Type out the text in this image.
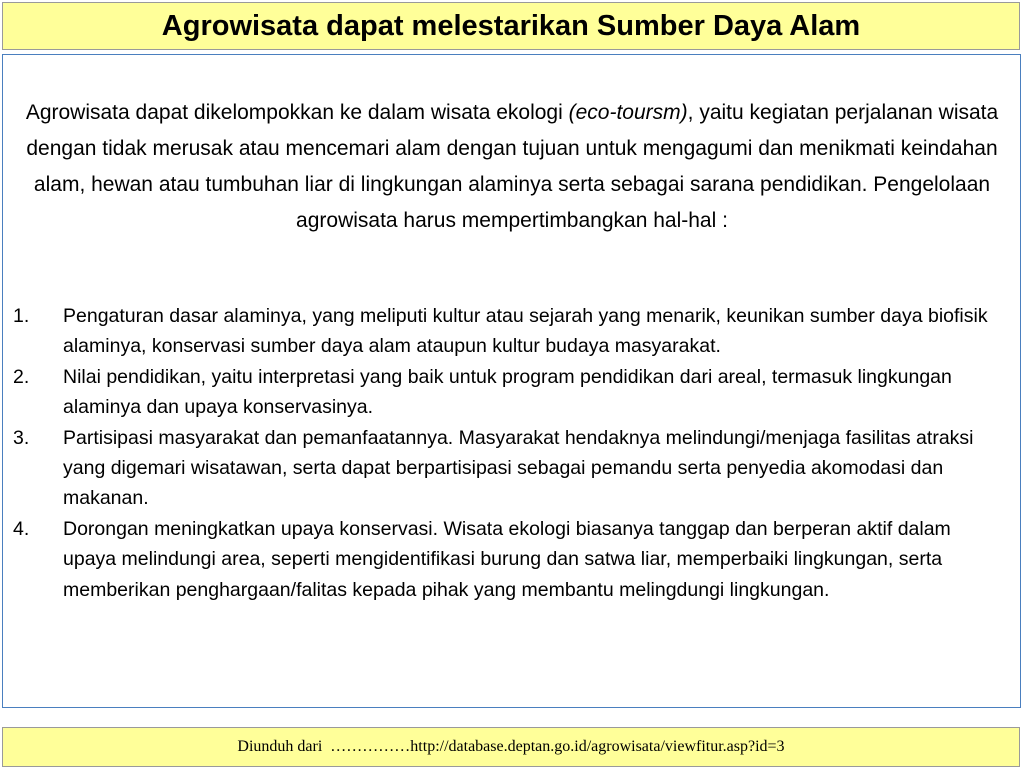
Agrowisata dapat melestarikan Sumber Daya Alam

Agrowisata dapat dikelompokkan ke dalam wisata ekologi (eco-toursm), yaitu kegiatan perjalanan wisata dengan tidak merusak atau mencemari alam dengan tujuan untuk mengagumi dan menikmati keindahan alam, hewan atau tumbuhan liar di lingkungan alaminya serta sebagai sarana pendidikan. Pengelolaan agrowisata harus mempertimbangkan hal-hal :

1. Pengaturan dasar alaminya, yang meliputi kultur atau sejarah yang menarik, keunikan sumber daya biofisik alaminya, konservasi sumber daya alam ataupun kultur budaya masyarakat.
2. Nilai pendidikan, yaitu interpretasi yang baik untuk program pendidikan dari areal, termasuk lingkungan alaminya dan upaya konservasinya.
3. Partisipasi masyarakat dan pemanfaatannya. Masyarakat hendaknya melindungi/menjaga fasilitas atraksi yang digemari wisatawan, serta dapat berpartisipasi sebagai pemandu serta penyedia akomodasi dan makanan.
4. Dorongan meningkatkan upaya konservasi. Wisata ekologi biasanya tanggap dan berperan aktif dalam upaya melindungi area, seperti mengidentifikasi burung dan satwa liar, memperbaiki lingkungan, serta memberikan penghargaan/falitas kepada pihak yang membantu melingdungi lingkungan.
Diunduh dari  ……………http://database.deptan.go.id/agrowisata/viewfitur.asp?id=3
